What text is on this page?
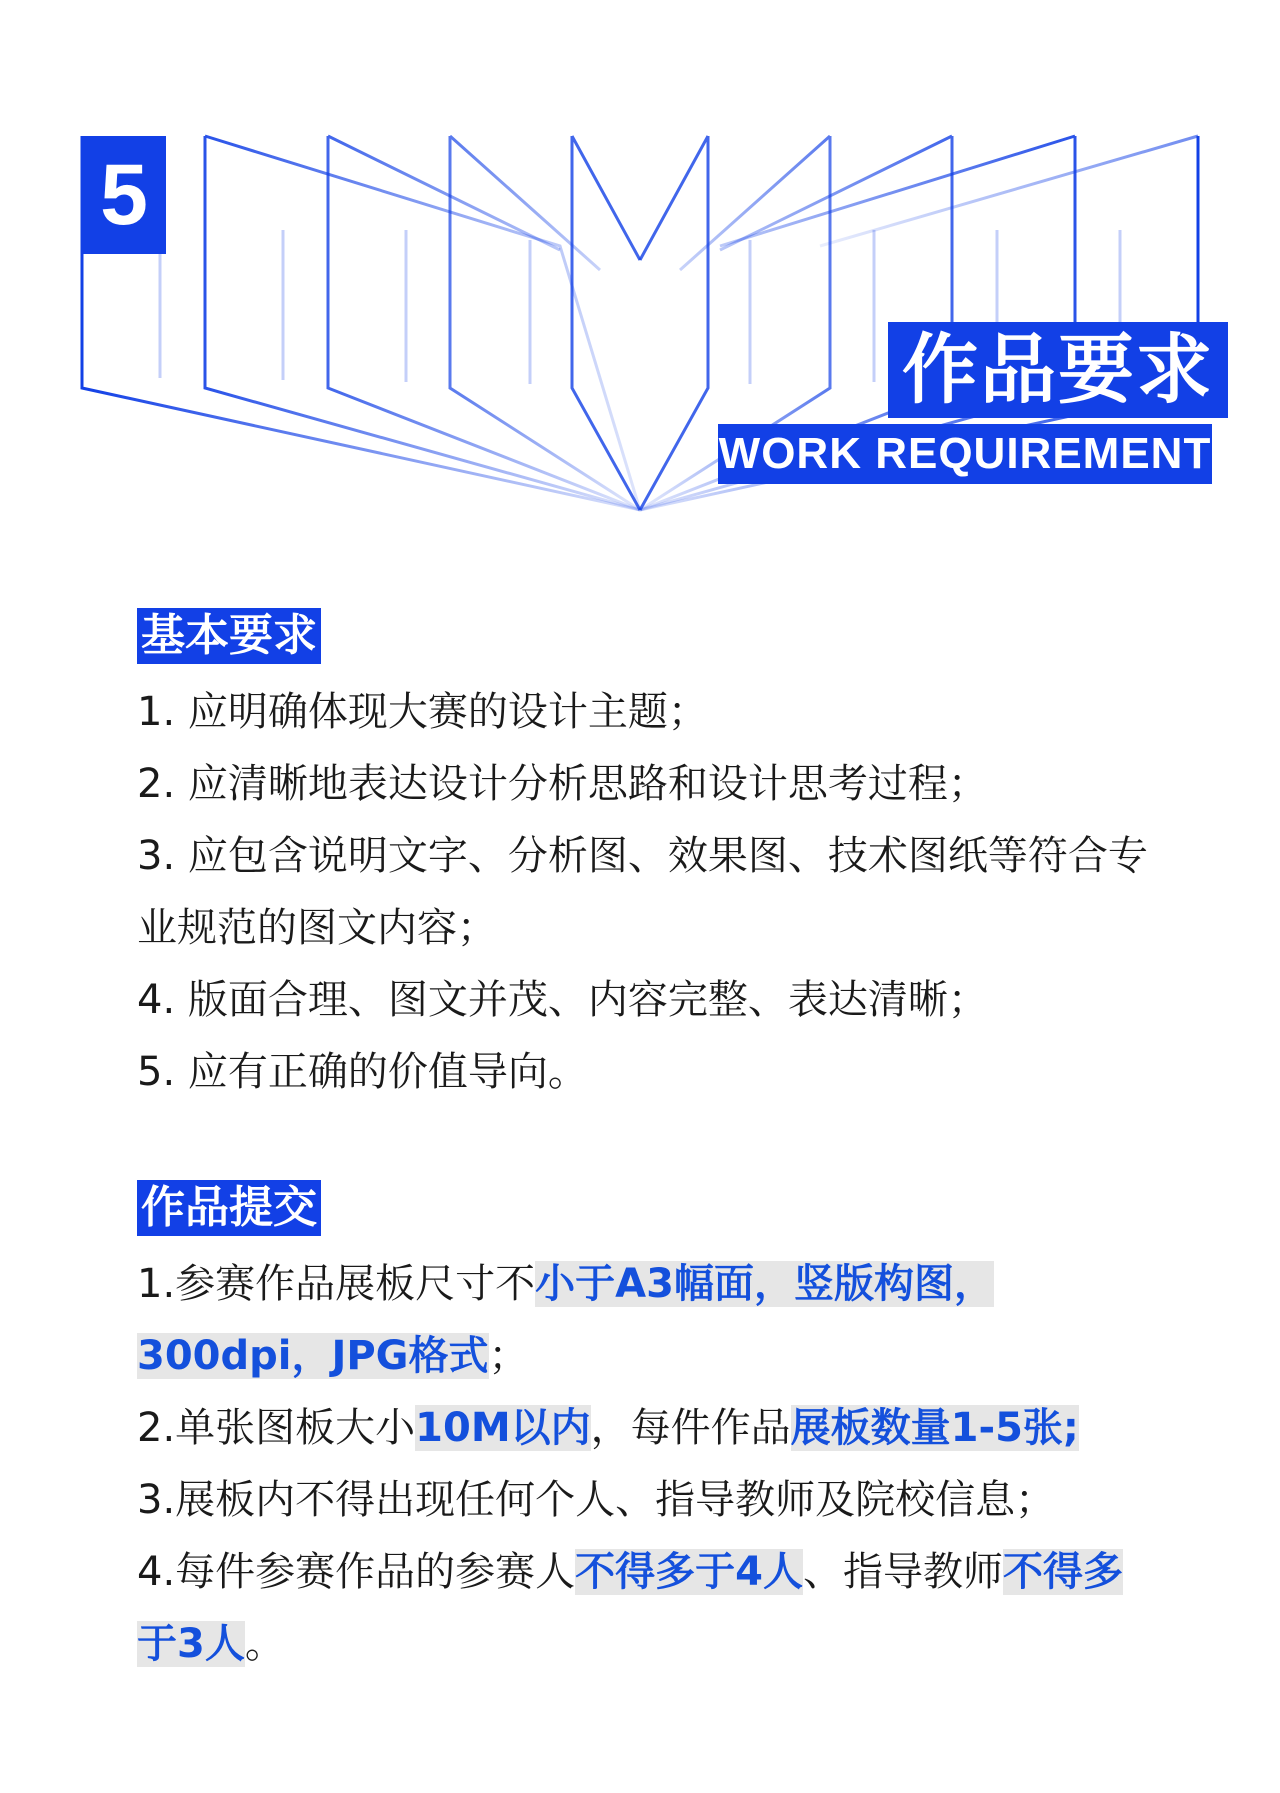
5
作品要求
WORK REQUIREMENT
基本要求
1. 应明确体现大赛的设计主题；
2. 应清晰地表达设计分析思路和设计思考过程；
3. 应包含说明文字、分析图、效果图、技术图纸等符合专业规范的图文内容；
4. 版面合理、图文并茂、内容完整、表达清晰；
5. 应有正确的价值导向。
作品提交
1.参赛作品展板尺寸不小于A3幅面，竖版构图，300dpi，JPG格式；
2.单张图板大小10M以内，每件作品展板数量1-5张;
3.展板内不得出现任何个人、指导教师及院校信息；
4.每件参赛作品的参赛人不得多于4人、指导教师不得多于3人。
